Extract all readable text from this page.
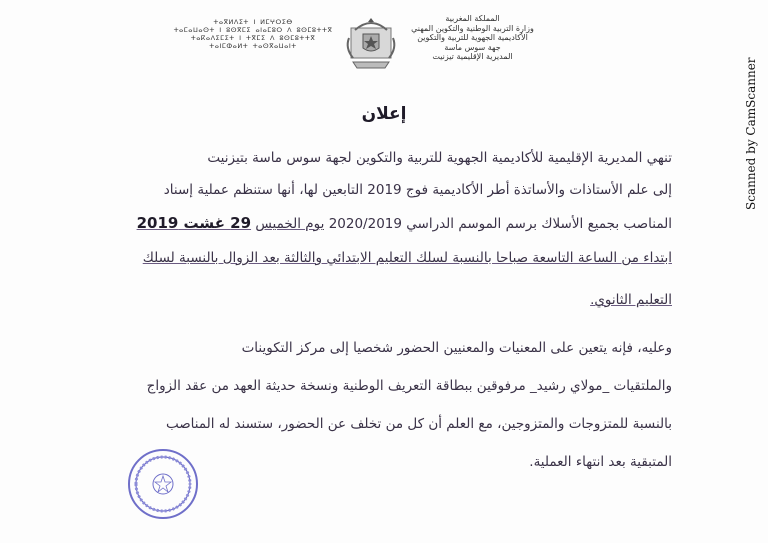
Scanned by CamScanner
ⵜⴰⴳⵍⴷⵉⵜ ⵏ ⵍⵎⵖⵔⵉⴱ
ⵜⴰⵎⴰⵡⴰⵙⵜ ⵏ ⵓⵙⴳⵎⵉ ⴰⵏⴰⵎⵓⵔ ⴷ ⵓⵙⵎⵓⵜⵜⴳ
ⵜⴰⴽⴰⴷⵉⵎⵉⵜ ⵏ ⵜⴳⵎⵉ ⴷ ⵓⵙⵎⵓⵜⵜⴳ
ⵜⴰⵏⵎⵀⴰⵍⵜ ⵜⴰⵙⴳⴰⵡⴰⵏⵜ
المملكة المغربية
وزارة التربية الوطنية والتكوين المهني
الأكاديمية الجهوية للتربية والتكوين
جهة سوس ماسة
المديرية الإقليمية تيزنيت
إعلان
تنهي المديرية الإقليمية للأكاديمية الجهوية للتربية والتكوين لجهة سوس ماسة بتيزنيت
إلى علم الأستاذات والأساتذة أطر الأكاديمية فوج 2019 التابعين لها، أنها ستنظم عملية إسناد
المناصب بجميع الأسلاك برسم الموسم الدراسي 2020/2019 يوم الخميس 29 غشت 2019
ابتداء من الساعة التاسعة صباحا بالنسبة لسلك التعليم الابتدائي والثالثة بعد الزوال بالنسبة لسلك
التعليم الثانوي.
وعليه، فإنه يتعين على المعنيات والمعنيين الحضور شخصيا إلى مركز التكوينات
والملتقيات _مولاي رشيد_ مرفوقين ببطاقة التعريف الوطنية ونسخة حديثة العهد من عقد الزواج
بالنسبة للمتزوجات والمتزوجين، مع العلم أن كل من تخلف عن الحضور، ستسند له المناصب
المتبقية بعد انتهاء العملية.
